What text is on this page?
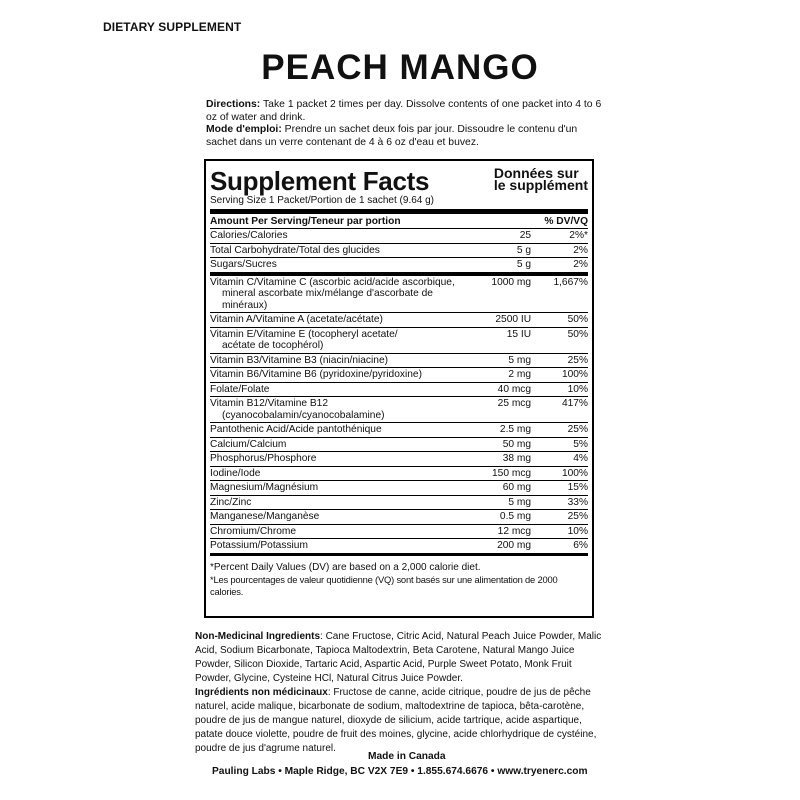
DIETARY SUPPLEMENT
PEACH MANGO
Directions: Take 1 packet 2 times per day. Dissolve contents of one packet into 4 to 6 oz of water and drink.
Mode d'emploi: Prendre un sachet deux fois par jour. Dissoudre le contenu d'un sachet dans un verre contenant de 4 à 6 oz d'eau et buvez.
Supplement Facts	Données sur
le supplément
Serving Size 1 Packet/Portion de 1 sachet (9.64 g)
Amount Per Serving/Teneur par portion	% DV/VQ
Calories/Calories	25	2%*
Total Carbohydrate/Total des glucides	5 g	2%
Sugars/Sucres	5 g	2%
Vitamin C/Vitamine C (ascorbic acid/acide ascorbique,
mineral ascorbate mix/mélange d'ascorbate de minéraux)	1000 mg	1,667%
Vitamin A/Vitamine A (acetate/acétate)	2500 IU	50%
Vitamin E/Vitamine E (tocopheryl acetate/
acétate de tocophérol)	15 IU	50%
Vitamin B3/Vitamine B3 (niacin/niacine)	5 mg	25%
Vitamin B6/Vitamine B6 (pyridoxine/pyridoxine)	2 mg	100%
Folate/Folate	40 mcg	10%
Vitamin B12/Vitamine B12
(cyanocobalamin/cyanocobalamine)	25 mcg	417%
Pantothenic Acid/Acide pantothénique	2.5 mg	25%
Calcium/Calcium	50 mg	5%
Phosphorus/Phosphore	38 mg	4%
Iodine/Iode	150 mcg	100%
Magnesium/Magnésium	60 mg	15%
Zinc/Zinc	5 mg	33%
Manganese/Manganèse	0.5 mg	25%
Chromium/Chrome	12 mcg	10%
Potassium/Potassium	200 mg	6%
*Percent Daily Values (DV) are based on a 2,000 calorie diet.
*Les pourcentages de valeur quotidienne (VQ) sont basés sur une alimentation de 2000 calories.
Non-Medicinal Ingredients: Cane Fructose, Citric Acid, Natural Peach Juice Powder, Malic Acid, Sodium Bicarbonate, Tapioca Maltodextrin, Beta Carotene, Natural Mango Juice Powder, Silicon Dioxide, Tartaric Acid, Aspartic Acid, Purple Sweet Potato, Monk Fruit Powder, Glycine, Cysteine HCl, Natural Citrus Juice Powder.
Ingrédients non médicinaux: Fructose de canne, acide citrique, poudre de jus de pêche naturel, acide malique, bicarbonate de sodium, maltodextrine de tapioca, bêta-carotène, poudre de jus de mangue naturel, dioxyde de silicium, acide tartrique, acide aspartique, patate douce violette, poudre de fruit des moines, glycine, acide chlorhydrique de cystéine, poudre de jus d'agrume naturel.
Made in Canada
Pauling Labs • Maple Ridge, BC V2X 7E9 • 1.855.674.6676 • www.tryenerc.com
